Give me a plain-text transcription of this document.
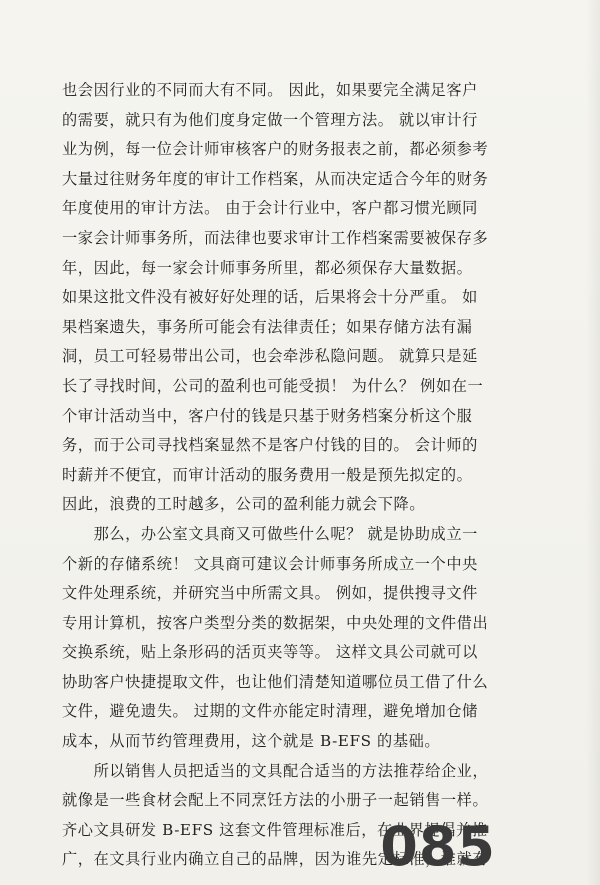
也会因行业的不同而大有不同。 因此，如果要完全满足客户
的需要，就只有为他们度身定做一个管理方法。 就以审计行
业为例，每一位会计师审核客户的财务报表之前，都必须参考
大量过往财务年度的审计工作档案，从而决定适合今年的财务
年度使用的审计方法。 由于会计行业中，客户都习惯光顾同
一家会计师事务所，而法律也要求审计工作档案需要被保存多
年，因此，每一家会计师事务所里，都必须保存大量数据。
如果这批文件没有被好好处理的话，后果将会十分严重。 如
果档案遗失，事务所可能会有法律责任；如果存储方法有漏
洞，员工可轻易带出公司，也会牵涉私隐问题。 就算只是延
长了寻找时间，公司的盈利也可能受损！ 为什么？ 例如在一
个审计活动当中，客户付的钱是只基于财务档案分析这个服
务，而于公司寻找档案显然不是客户付钱的目的。 会计师的
时薪并不便宜，而审计活动的服务费用一般是预先拟定的。
因此，浪费的工时越多，公司的盈利能力就会下降。
　　那么，办公室文具商又可做些什么呢？ 就是协助成立一
个新的存储系统！ 文具商可建议会计师事务所成立一个中央
文件处理系统，并研究当中所需文具。 例如，提供搜寻文件
专用计算机，按客户类型分类的数据架，中央处理的文件借出
交换系统，贴上条形码的活页夹等等。 这样文具公司就可以
协助客户快捷提取文件，也让他们清楚知道哪位员工借了什么
文件，避免遗失。 过期的文件亦能定时清理，避免增加仓储
成本，从而节约管理费用，这个就是 B-EFS 的基础。
　　所以销售人员把适当的文具配合适当的方法推荐给企业，
就像是一些食材会配上不同烹饪方法的小册子一起销售一样。
齐心文具研发 B-EFS 这套文件管理标准后，在业界提倡并推
广，在文具行业内确立自己的品牌，因为谁先定标准，谁就有
085
